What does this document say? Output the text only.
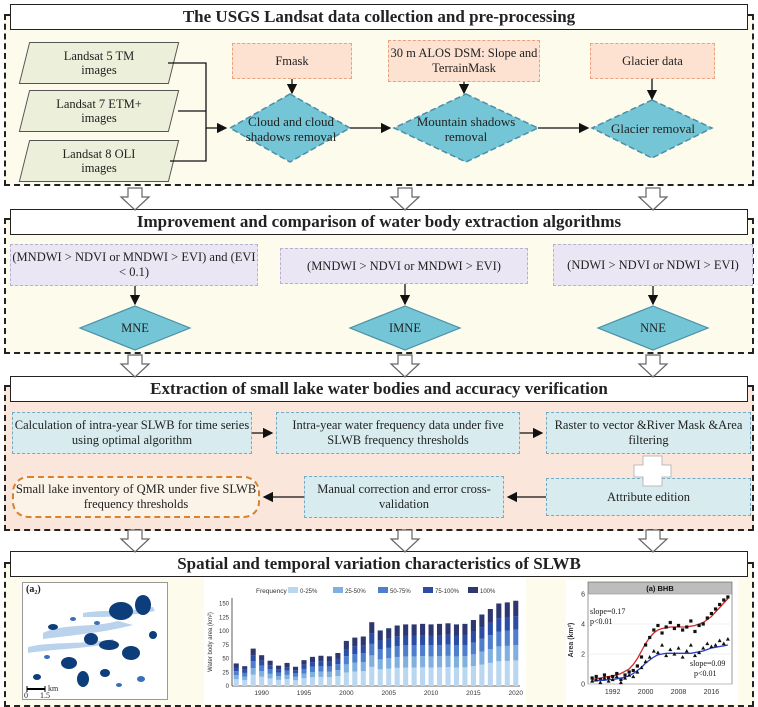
The USGS Landsat data collection and pre-processing
Landsat 5 TM images
Landsat 7 ETM+ images
Landsat 8 OLI images
Fmask
30 m ALOS DSM: Slope and TerrainMask
Glacier data
Improvement and comparison of water body extraction algorithms
(MNDWI > NDVI or MNDWI > EVI) and (EVI < 0.1)	(MNDWI > NDVI or MNDWI > EVI)	(NDWI > NDVI or NDWI > EVI)
Extraction of small lake water bodies and accuracy verification
Calculation of intra-year SLWB for time series using optimal algorithm
Intra-year water frequency data under five SLWB frequency thresholds
Raster to vector &River Mask &Area filtering
Attribute edition
Manual correction and error cross-validation
Small lake inventory of QMR under five SLWB frequency thresholds
Spatial and temporal variation characteristics of SLWB
Cloud and cloud shadows removal
Mountain shadows removal
Glacier removal
MNE	IMNE	NNE
(a₂)
km
0 1.5
0
25
50
75
100
125
150
1990	1995	2000	2005	2010	2015	2020
Water body area (km²)
Frequency 0-25%	25-50%	50-75%	75-100%	100%	(a) BHB
0
2
4
6
1992 2000 2008 2016
Area (km²)
slope=0.17
p<0.01
slope=0.09
p<0.01
